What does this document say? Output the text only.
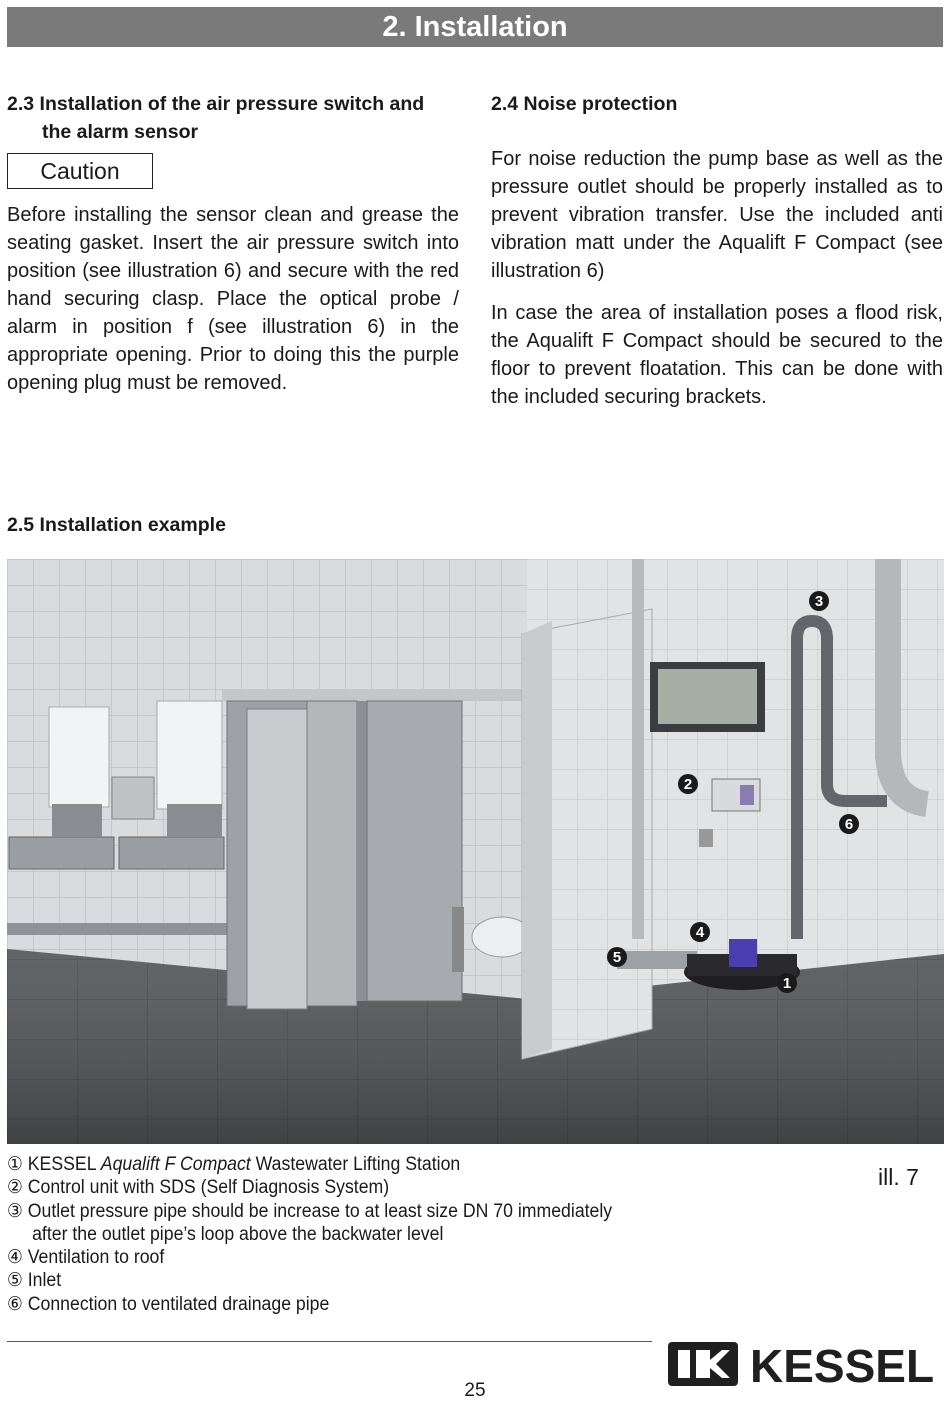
2. Installation
2.3 Installation of the air pressure switch and
the alarm sensor
Caution

Before installing the sensor clean and grease the seating gasket. Insert the air pressure switch into position (see illustration 6) and secure with the red hand securing clasp. Place the optical probe / alarm in position f (see illustration 6) in the appropriate opening. Prior to doing this the purple opening plug must be removed.

2.4 Noise protection

For noise reduction the pump base as well as the pressure outlet should be properly installed as to prevent vibration transfer. Use the included anti vibration matt under the Aqualift F Compact (see illustration 6)

In case the area of installation poses a flood risk, the Aqualift F Compact should be secured to the floor to prevent floatation. This can be done with the included securing brackets.

2.5 Installation example
1
2
3
4
5
6
① KESSEL Aqualift F Compact Wastewater Lifting Station
② Control unit with SDS (Self Diagnosis System)
③ Outlet pressure pipe should be increase to at least size DN 70 immediately
after the outlet pipe’s loop above the backwater level
④ Ventilation to roof
⑤ Inlet
⑥ Connection to ventilated drainage pipe
ill. 7
25	KESSEL
